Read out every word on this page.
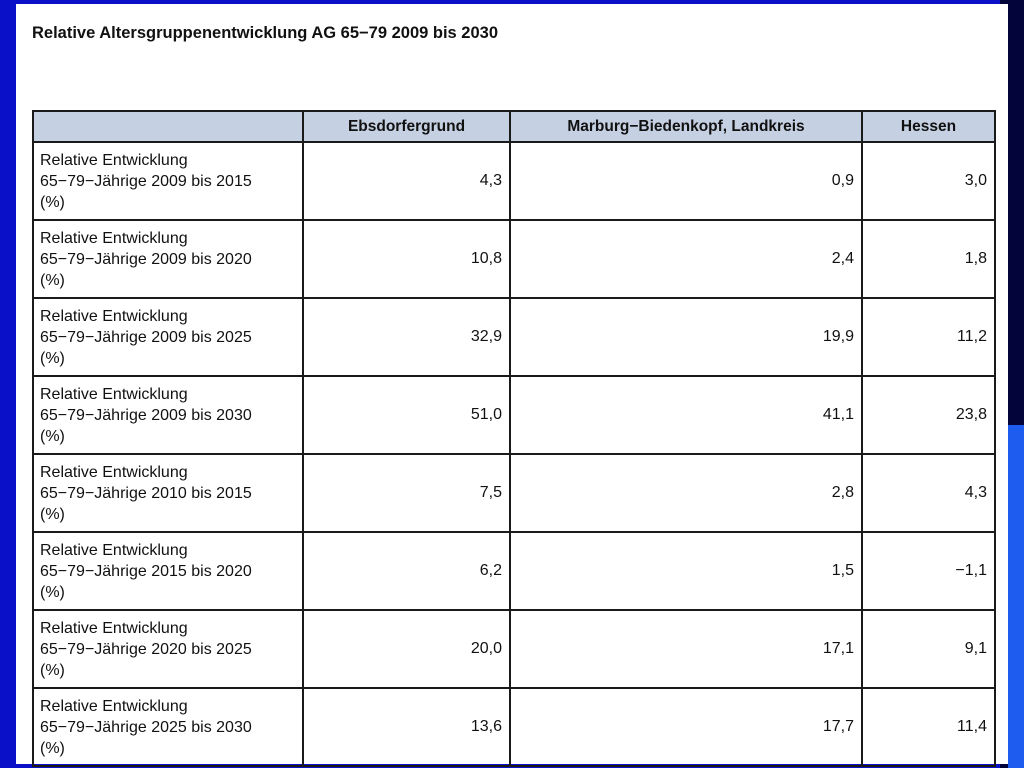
Relative Altersgruppenentwicklung AG 65−79 2009 bis 2030
	Ebsdorfergrund	Marburg−Biedenkopf, Landkreis	Hessen

Relative Entwicklung
65−79−Jährige 2009 bis 2015
(%)	4,3	0,9	3,0

Relative Entwicklung
65−79−Jährige 2009 bis 2020
(%)	10,8	2,4	1,8

Relative Entwicklung
65−79−Jährige 2009 bis 2025
(%)	32,9	19,9	11,2

Relative Entwicklung
65−79−Jährige 2009 bis 2030
(%)	51,0	41,1	23,8

Relative Entwicklung
65−79−Jährige 2010 bis 2015
(%)	7,5	2,8	4,3

Relative Entwicklung
65−79−Jährige 2015 bis 2020
(%)	6,2	1,5	−1,1

Relative Entwicklung
65−79−Jährige 2020 bis 2025
(%)	20,0	17,1	9,1

Relative Entwicklung
65−79−Jährige 2025 bis 2030
(%)	13,6	17,7	11,4
